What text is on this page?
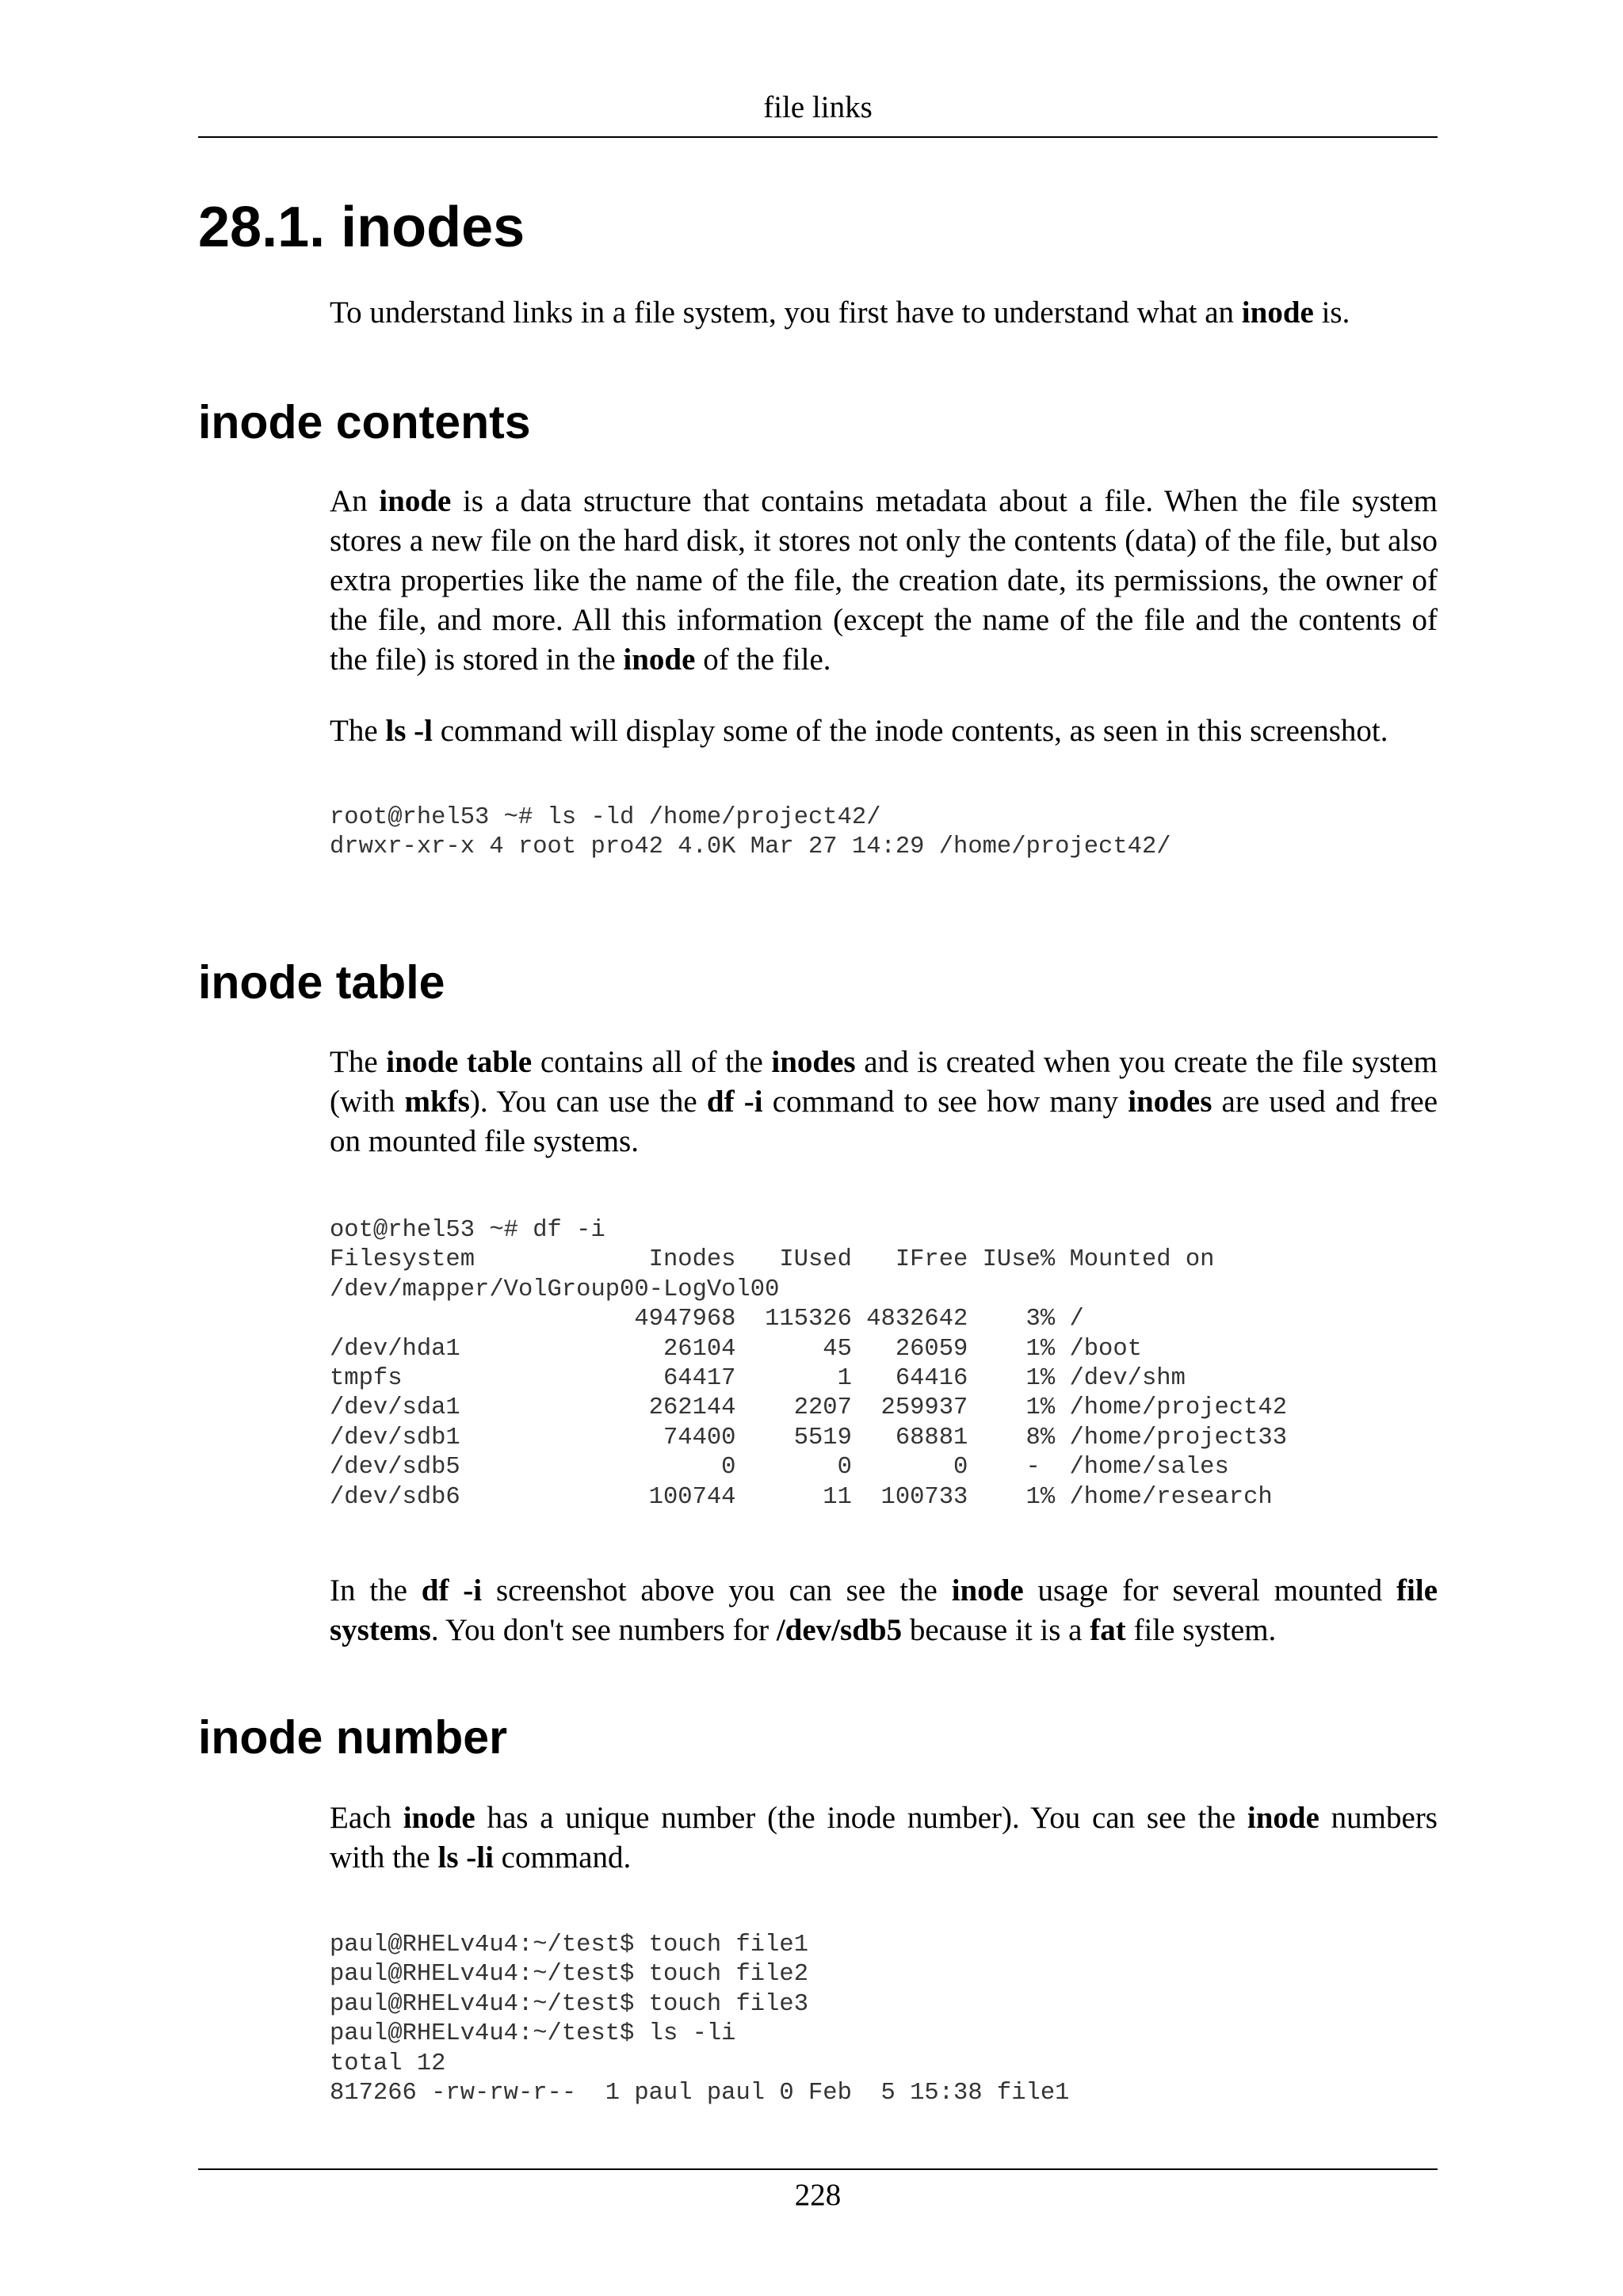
file links
28.1. inodes

To understand links in a file system, you first have to understand what an inode is.

inode contents

An inode is a data structure that contains metadata about a file. When the file system stores a new file on the hard disk, it stores not only the contents (data) of the file, but also extra properties like the name of the file, the creation date, its permissions, the owner of the file, and more. All this information (except the name of the file and the contents of the file) is stored in the inode of the file.

The ls -l command will display some of the inode contents, as seen in this screenshot.

root@rhel53 ~# ls -ld /home/project42/
drwxr-xr-x 4 root pro42 4.0K Mar 27 14:29 /home/project42/
inode table

The inode table contains all of the inodes and is created when you create the file system (with mkfs). You can use the df -i command to see how many inodes are used and free on mounted file systems.

oot@rhel53 ~# df -i
Filesystem            Inodes   IUsed   IFree IUse% Mounted on
/dev/mapper/VolGroup00-LogVol00
4947968  115326 4832642    3% /
/dev/hda1              26104      45   26059    1% /boot
tmpfs                  64417       1   64416    1% /dev/shm
/dev/sda1             262144    2207  259937    1% /home/project42
/dev/sdb1              74400    5519   68881    8% /home/project33
/dev/sdb5                  0       0       0    -  /home/sales
/dev/sdb6             100744      11  100733    1% /home/research

In the df -i screenshot above you can see the inode usage for several mounted file systems. You don't see numbers for /dev/sdb5 because it is a fat file system.

inode number

Each inode has a unique number (the inode number). You can see the inode numbers with the ls -li command.

paul@RHELv4u4:~/test$ touch file1
paul@RHELv4u4:~/test$ touch file2
paul@RHELv4u4:~/test$ touch file3
paul@RHELv4u4:~/test$ ls -li
total 12
817266 -rw-rw-r--  1 paul paul 0 Feb  5 15:38 file1
228
